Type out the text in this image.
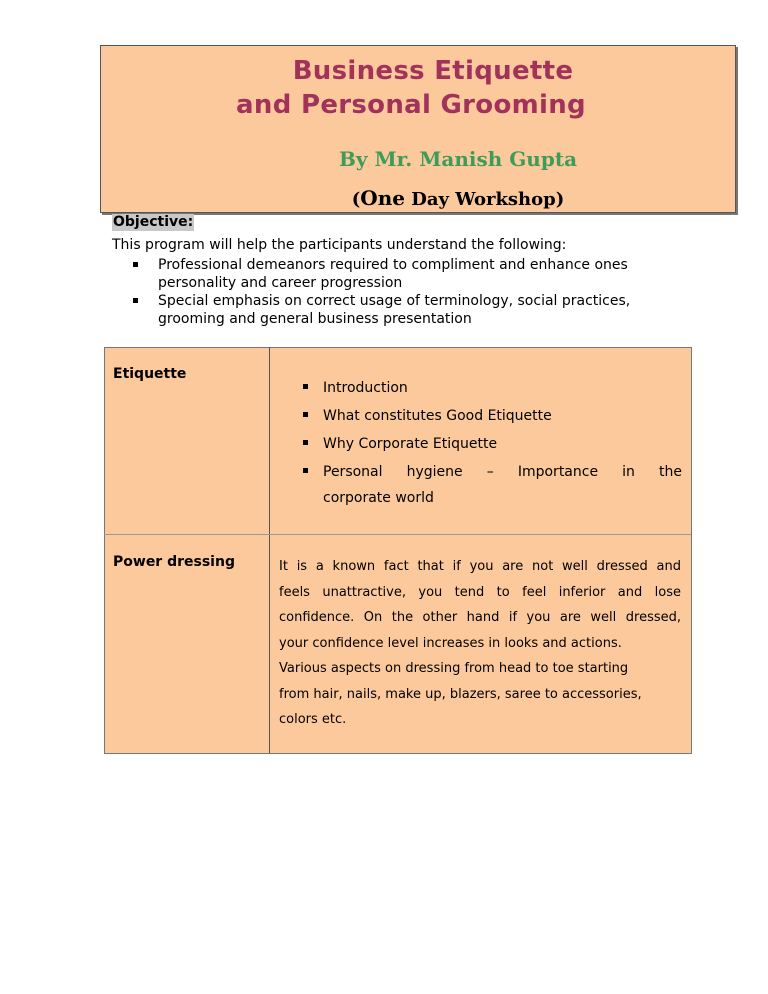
Business Etiquette
and Personal Grooming
By Mr. Manish Gupta
(One Day Workshop)
Objective:
This program will help the participants understand the following:
Professional demeanors required to compliment and enhance ones personality and career progression
Special emphasis on correct usage of terminology, social practices, grooming and general business presentation
Etiquette
Introduction
What constitutes Good Etiquette
Why Corporate Etiquette
Personal hygiene – Importance in the
corporate world
Power dressing	It is a known fact that if you are not well dressed and
feels unattractive, you tend to feel inferior and lose
confidence. On the other hand if you are well dressed,
your confidence level increases in looks and actions.
Various aspects on dressing from head to toe starting
from hair, nails, make up, blazers, saree to accessories,
colors etc.
